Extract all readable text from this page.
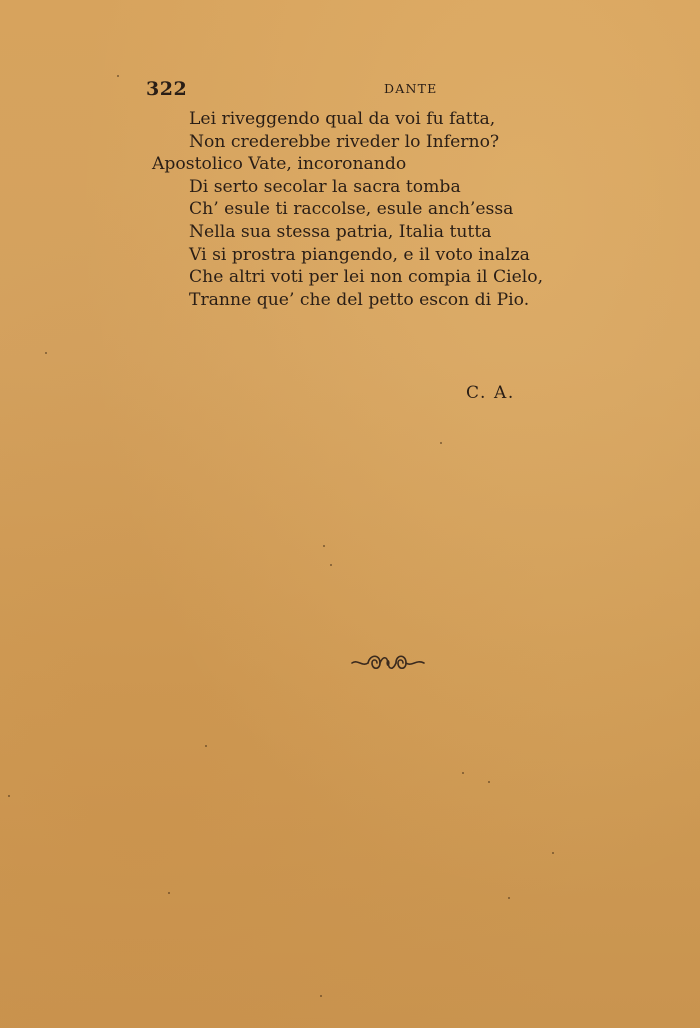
322	DANTE
Lei riveggendo qual da voi fu fatta,
Non crederebbe riveder lo Inferno?
Apostolico Vate, incoronando
Di serto secolar la sacra tomba
Ch’ esule ti raccolse, esule anch’essa
Nella sua stessa patria, Italia tutta
Vi si prostra piangendo, e il voto inalza
Che altri voti per lei non compia il Cielo,
Tranne que’ che del petto escon di Pio.
C. A.
